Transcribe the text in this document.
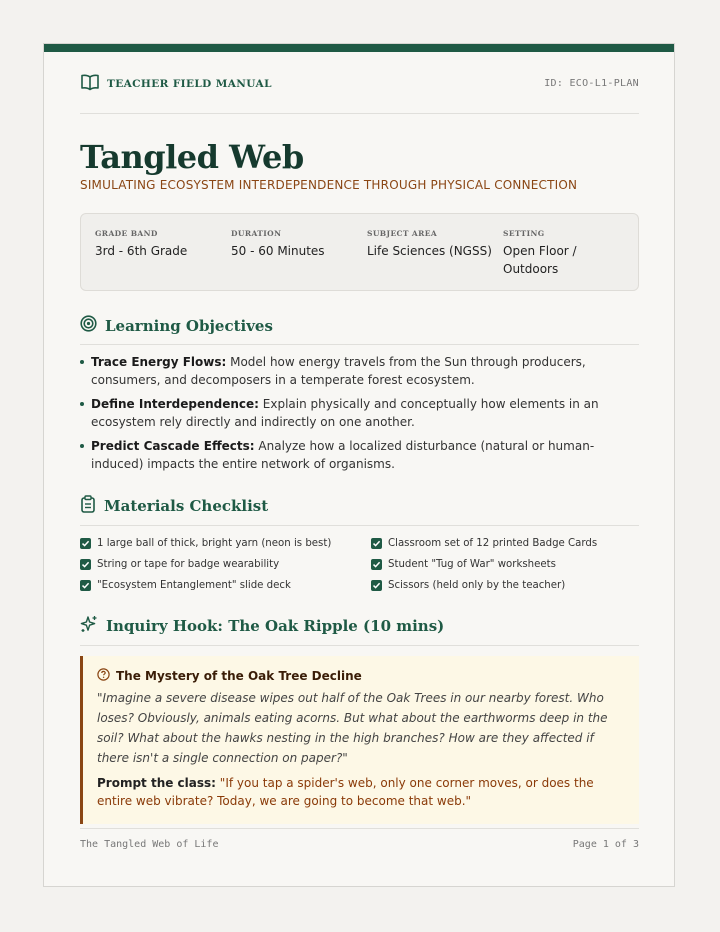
TEACHER FIELD MANUAL	ID: ECO-L1-PLAN
Tangled Web
SIMULATING ECOSYSTEM INTERDEPENDENCE THROUGH PHYSICAL CONNECTION
GRADE BAND
3rd - 6th Grade
DURATION
50 - 60 Minutes
SUBJECT AREA
Life Sciences (NGSS)
SETTING
Open Floor / Outdoors
Learning Objectives
Trace Energy Flows: Model how energy travels from the Sun through producers, consumers, and decomposers in a temperate forest ecosystem.
Define Interdependence: Explain physically and conceptually how elements in an ecosystem rely directly and indirectly on one another.
Predict Cascade Effects: Analyze how a localized disturbance (natural or human-induced) impacts the entire network of organisms.
Materials Checklist
1 large ball of thick, bright yarn (neon is best)	Classroom set of 12 printed Badge Cards
String or tape for badge wearability	Student "Tug of War" worksheets
"Ecosystem Entanglement" slide deck	Scissors (held only by the teacher)
Inquiry Hook: The Oak Ripple (10 mins)
The Mystery of the Oak Tree Decline
"Imagine a severe disease wipes out half of the Oak Trees in our nearby forest. Who loses? Obviously, animals eating acorns. But what about the earthworms deep in the soil? What about the hawks nesting in the high branches? How are they affected if there isn't a single connection on paper?"
Prompt the class: "If you tap a spider's web, only one corner moves, or does the entire web vibrate? Today, we are going to become that web."
The Tangled Web of Life	Page 1 of 3
